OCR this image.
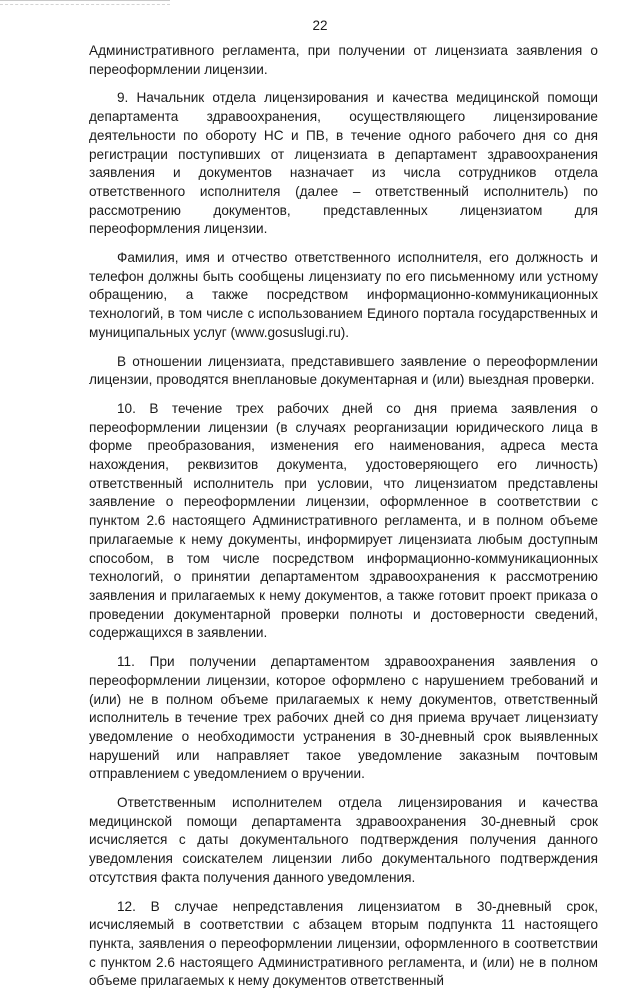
22

Административного регламента, при получении от лицензиата заявления о переоформлении лицензии.

9. Начальник отдела лицензирования и качества медицинской помощи департамента здравоохранения, осуществляющего лицензирование деятельности по обороту НС и ПВ, в течение одного рабочего дня со дня регистрации поступивших от лицензиата в департамент здравоохранения заявления и документов назначает из числа сотрудников отдела ответственного исполнителя (далее – ответственный исполнитель) по рассмотрению документов, представленных лицензиатом для переоформления лицензии.

Фамилия, имя и отчество ответственного исполнителя, его должность и телефон должны быть сообщены лицензиату по его письменному или устному обращению, а также посредством информационно-коммуникационных технологий, в том числе с использованием Единого портала государственных и муниципальных услуг (www.gosuslugi.ru).

В отношении лицензиата, представившего заявление о переоформлении лицензии, проводятся внеплановые документарная и (или) выездная проверки.

10. В течение трех рабочих дней со дня приема заявления о переоформлении лицензии (в случаях реорганизации юридического лица в форме преобразования, изменения его наименования, адреса места нахождения, реквизитов документа, удостоверяющего его личность) ответственный исполнитель при условии, что лицензиатом представлены заявление о переоформлении лицензии, оформленное в соответствии с пунктом 2.6 настоящего Административного регламента, и в полном объеме прилагаемые к нему документы, информирует лицензиата любым доступным способом, в том числе посредством информационно-коммуникационных технологий, о принятии департаментом здравоохранения к рассмотрению заявления и прилагаемых к нему документов, а также готовит проект приказа о проведении документарной проверки полноты и достоверности сведений, содержащихся в заявлении.

11. При получении департаментом здравоохранения заявления о переоформлении лицензии, которое оформлено с нарушением требований и (или) не в полном объеме прилагаемых к нему документов, ответственный исполнитель в течение трех рабочих дней со дня приема вручает лицензиату уведомление о необходимости устранения в 30-дневный срок выявленных нарушений или направляет такое уведомление заказным почтовым отправлением с уведомлением о вручении.

Ответственным исполнителем отдела лицензирования и качества медицинской помощи департамента здравоохранения 30-дневный срок исчисляется с даты документального подтверждения получения данного уведомления соискателем лицензии либо документального подтверждения отсутствия факта получения данного уведомления.

12. В случае непредставления лицензиатом в 30-дневный срок, исчисляемый в соответствии с абзацем вторым подпункта 11 настоящего пункта, заявления о переоформлении лицензии, оформленного в соответствии с пунктом 2.6 настоящего Административного регламента, и (или) не в полном объеме прилагаемых к нему документов ответственный
